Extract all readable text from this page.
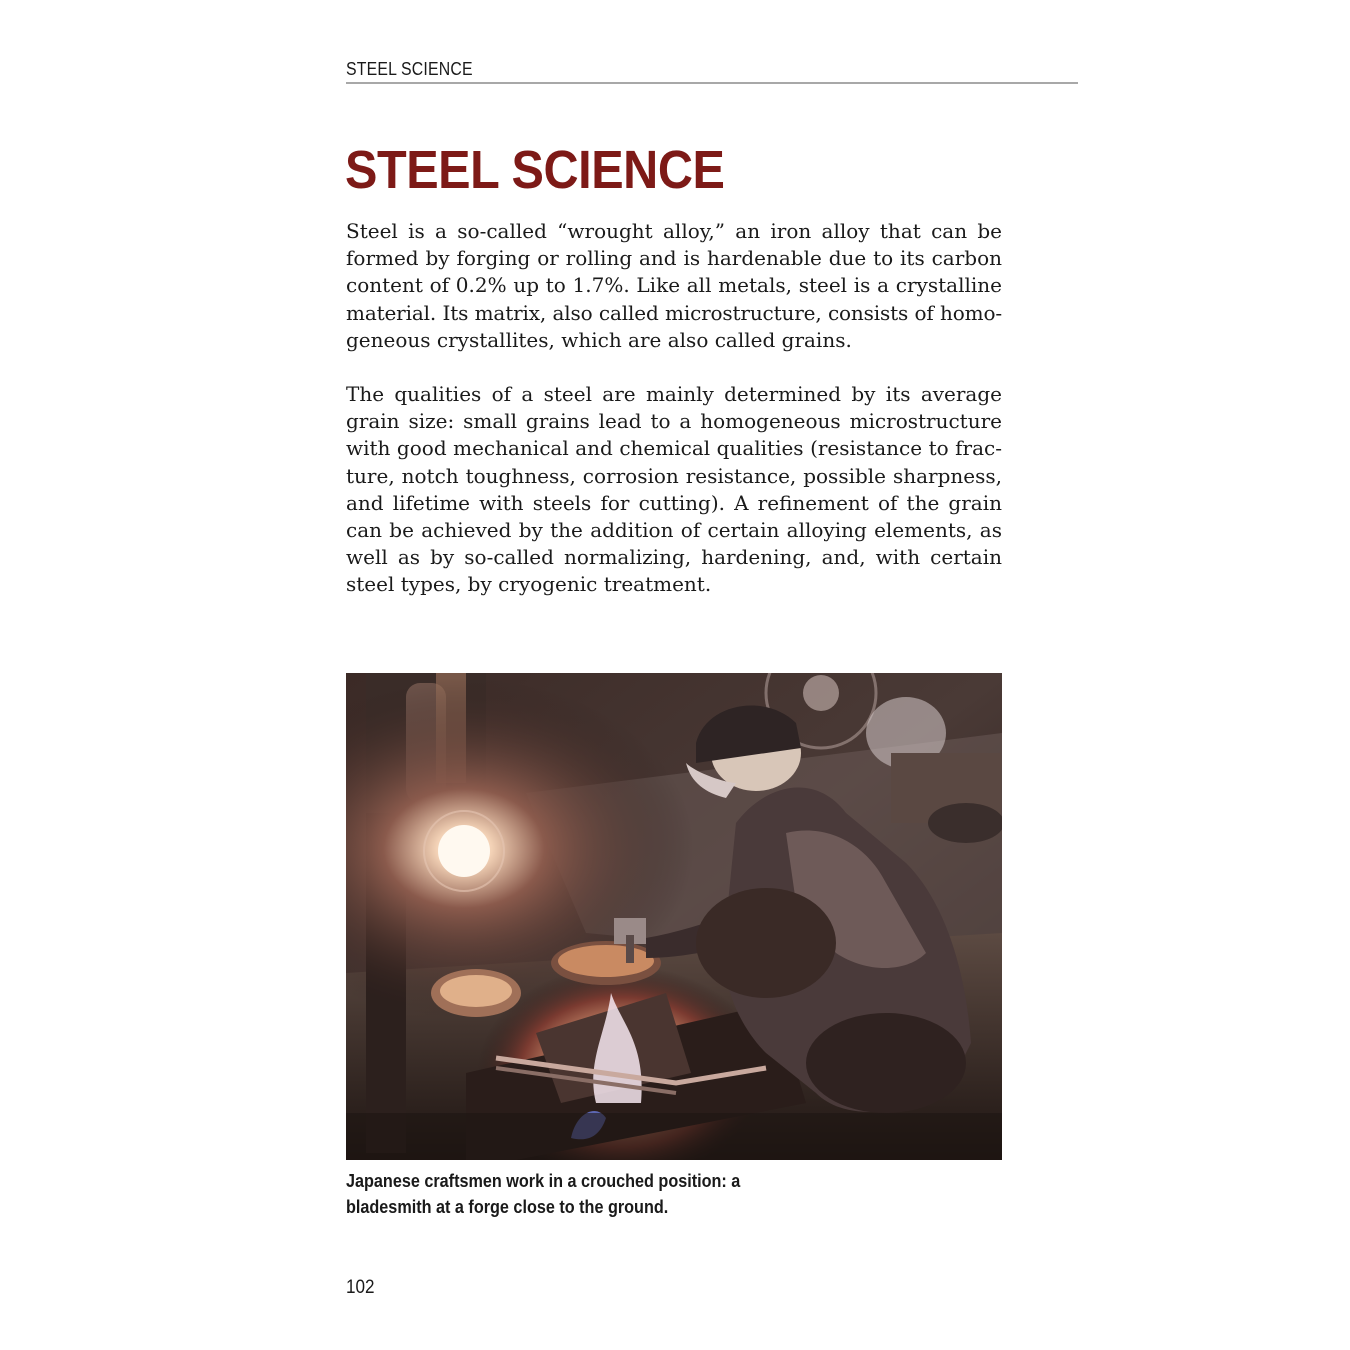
STEEL SCIENCE
STEEL SCIENCE

Steel is a so-called “wrought alloy,” an iron alloy that can be
formed by forging or rolling and is hardenable due to its carbon
content of 0.2% up to 1.7%. Like all metals, steel is a crystalline
material. Its matrix, also called microstructure, consists of homo-
geneous crystallites, which are also called grains.

The qualities of a steel are mainly determined by its average
grain size: small grains lead to a homogeneous microstructure
with good mechanical and chemical qualities (resistance to frac-
ture, notch toughness, corrosion resistance, possible sharpness,
and lifetime with steels for cutting). A refinement of the grain
can be achieved by the addition of certain alloying elements, as
well as by so-called normalizing, hardening, and, with certain
steel types, by cryogenic treatment.

Japanese craftsmen work in a crouched position: a
bladesmith at a forge close to the ground.

102
